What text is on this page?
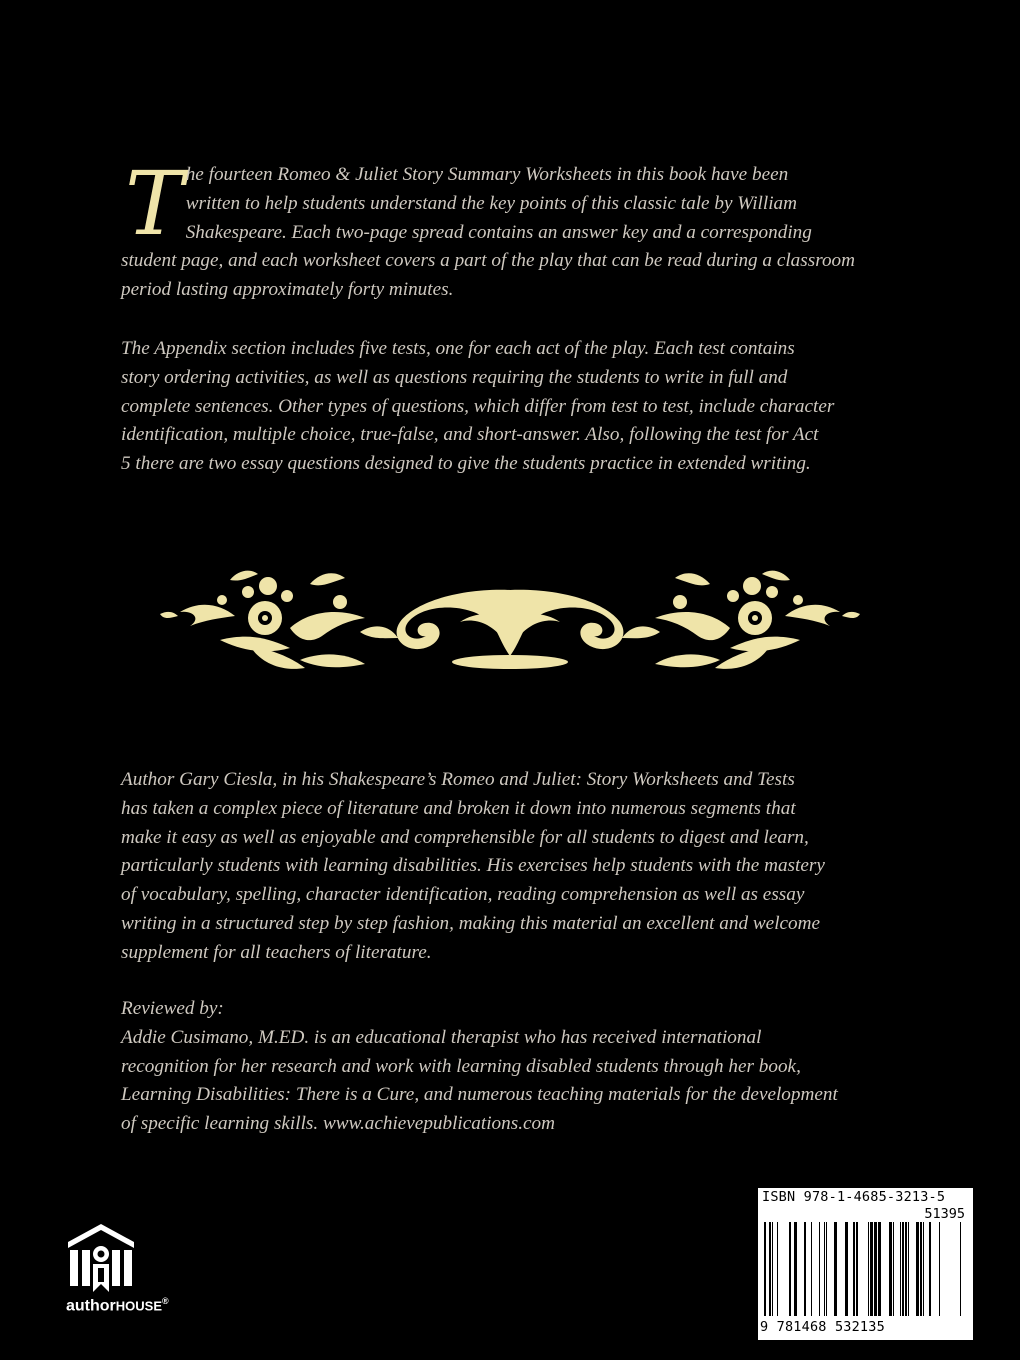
T he fourteen Romeo & Juliet Story Summary Worksheets in this book have been
written to help students understand the key points of this classic tale by William
Shakespeare. Each two-page spread contains an answer key and a corresponding
student page, and each worksheet covers a part of the play that can be read during a classroom
period lasting approximately forty minutes.
The Appendix section includes five tests, one for each act of the play. Each test contains
story ordering activities, as well as questions requiring the students to write in full and
complete sentences. Other types of questions, which differ from test to test, include character
identification, multiple choice, true-false, and short-answer. Also, following the test for Act
5 there are two essay questions designed to give the students practice in extended writing.
Author Gary Ciesla, in his Shakespeare’s Romeo and Juliet: Story Worksheets and Tests
has taken a complex piece of literature and broken it down into numerous segments that
make it easy as well as enjoyable and comprehensible for all students to digest and learn,
particularly students with learning disabilities. His exercises help students with the mastery
of vocabulary, spelling, character identification, reading comprehension as well as essay
writing in a structured step by step fashion, making this material an excellent and welcome
supplement for all teachers of literature.
Reviewed by:
Addie Cusimano, M.ED. is an educational therapist who has received international
recognition for her research and work with learning disabled students through her book,
Learning Disabilities: There is a Cure, and numerous teaching materials for the development
of specific learning skills. www.achievepublications.com
ISBN 978-1-4685-3213-5
51395
9 781468 532135
authorHOUSE®
